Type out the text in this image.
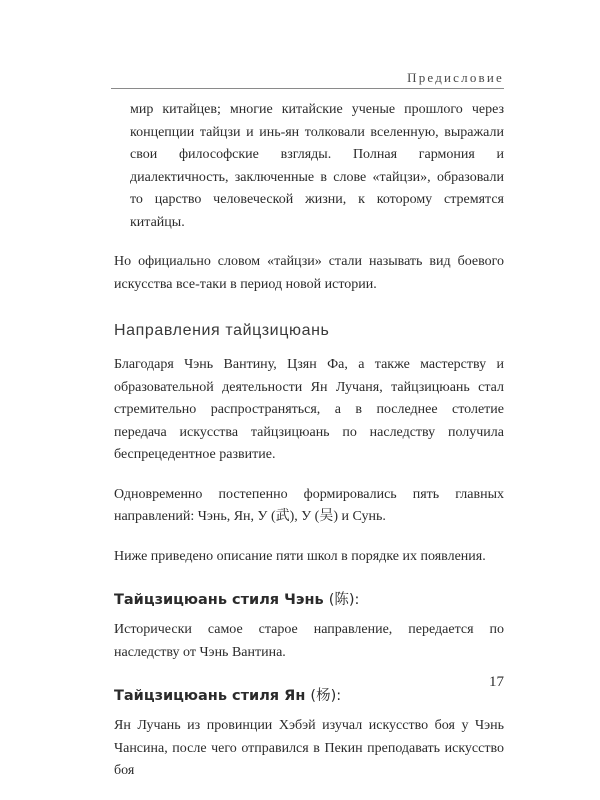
Предисловие

мир китайцев; многие китайские ученые прошлого через концепции тайцзи и инь-ян толковали вселенную, выражали свои философские взгляды. Полная гармония и диалектичность, заключенные в слове «тайцзи», образовали то царство человеческой жизни, к которому стремятся китайцы.

Но официально словом «тайцзи» стали называть вид боевого искусства все-таки в период новой истории.

Направления тайцзицюань

Благодаря Чэнь Вантину, Цзян Фа, а также мастерству и образовательной деятельности Ян Лучаня, тайцзицюань стал стремительно распространяться, а в последнее столетие передача искусства тайцзицюань по наследству получила беспрецедентное развитие.

Одновременно постепенно формировались пять главных направлений: Чэнь, Ян, У (武), У (吴) и Сунь.

Ниже приведено описание пяти школ в порядке их появления.

Тайцзицюань стиля Чэнь (陈):

Исторически самое старое направление, передается по наследству от Чэнь Вантина.

Тайцзицюань стиля Ян (杨):

Ян Лучань из провинции Хэбэй изучал искусство боя у Чэнь Чансина, после чего отправился в Пекин преподавать искусство боя

17
